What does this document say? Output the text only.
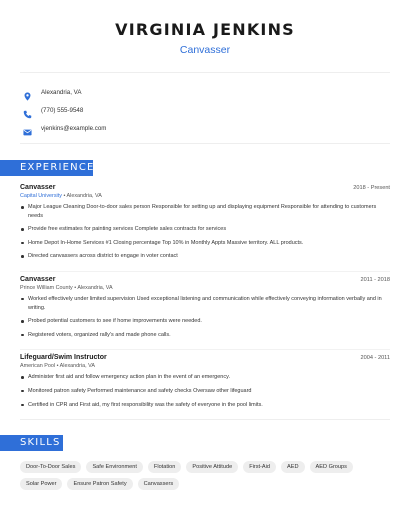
VIRGINIA JENKINS
Canvasser
Alexandria, VA
(770) 555-9548
vjenkins@example.com
EXPERIENCE
Canvasser	2018 - Present
Capital University • Alexandria, VA
Major League Cleaning Door-to-door sales person Responsible for setting up and displaying equipment Responsible for attending to customers needs
Provide free estimates for painting services Complete sales contracts for services
Home Depot In-Home Services #1 Closing percentage Top 10% in Monthly Appts Massive territory. ALL products.
Directed canvassers across district to engage in voter contact
Canvasser	2011 - 2018
Prince William County • Alexandria, VA
Worked effectively under limited supervision Used exceptional listening and communication while effectively conveying information verbally and in writing.
Probed potential customers to see if home improvements were needed.
Registered voters, organized rally's and made phone calls.
Lifeguard/Swim Instructor	2004 - 2011
American Pool • Alexandria, VA
Administer first aid and follow emergency action plan in the event of an emergency.
Monitored patron safety Performed maintenance and safety checks Oversaw other lifeguard
Certified in CPR and First aid, my first responsibility was the safety of everyone in the pool limits.
SKILLS
Door-To-Door Sales	Safe Environment	Flotation	Positive Attitude	First-Aid	AED	AED Groups
Solar Power	Ensure Patron Safety	Canvassers
